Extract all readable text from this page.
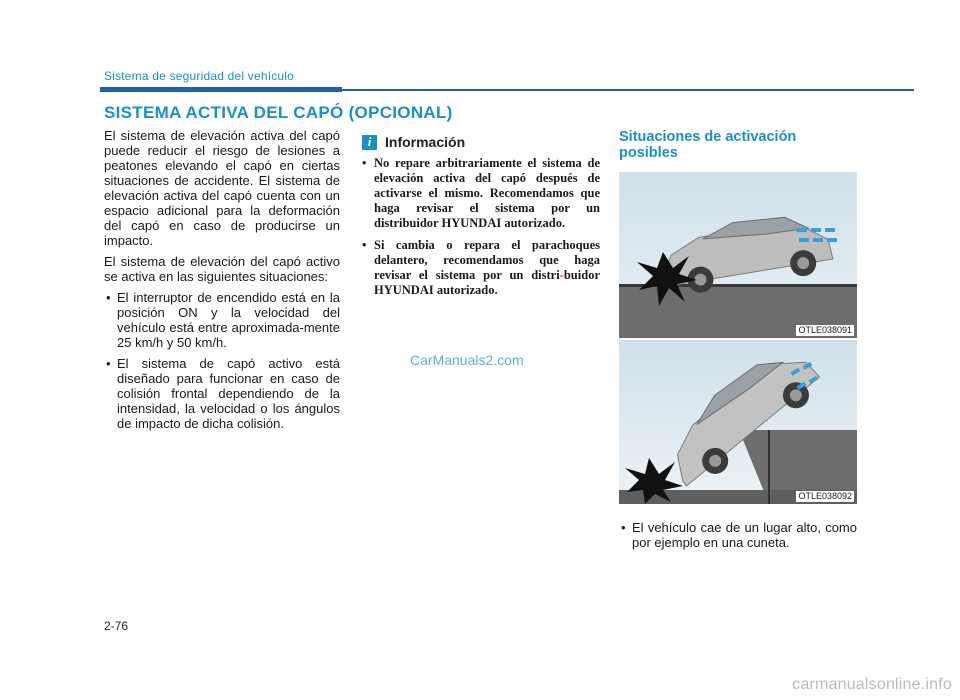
Sistema de seguridad del vehículo
SISTEMA ACTIVA DEL CAPÓ (OPCIONAL)

El sistema de elevación activa del capó puede reducir el riesgo de lesiones a peatones elevando el capó en ciertas situaciones de accidente. El sistema de elevación activa del capó cuenta con un espacio adicional para la deformación del capó en caso de producirse un impacto.

El sistema de elevación del capó activo se activa en las siguientes situaciones:

• El interruptor de encendido está en la posición ON y la velocidad del vehículo está entre aproximada-mente 25 km/h y 50 km/h.
• El sistema de capó activo está diseñado para funcionar en caso de colisión frontal dependiendo de la intensidad, la velocidad o los ángulos de impacto de dicha colisión.
i Información
• No repare arbitrariamente el sistema de elevación activa del capó después de activarse el mismo. Recomendamos que haga revisar el sistema por un distribuidor HYUNDAI autorizado.
• Si cambia o repara el parachoques delantero, recomendamos que haga revisar el sistema por un distri-buidor HYUNDAI autorizado.
CarManuals2.com
Situaciones de activación posibles
OTLE038091
OTLE038092
• El vehículo cae de un lugar alto, como por ejemplo en una cuneta.
2-76
carmanualsonline.info
